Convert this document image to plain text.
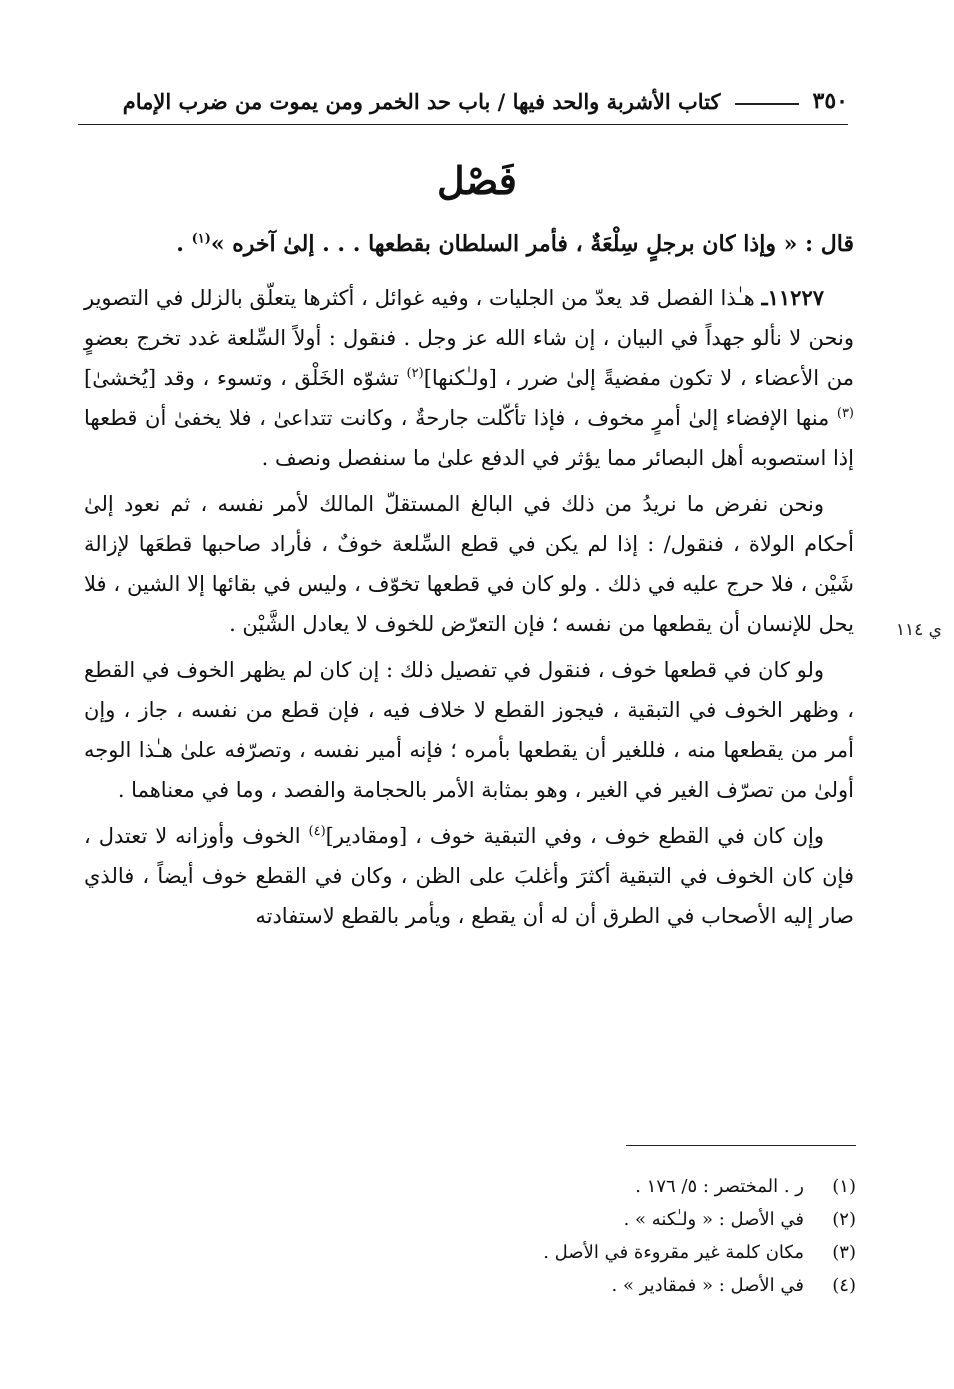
٣٥٠
كتاب الأشربة والحد فيها / باب حد الخمر ومن يموت من ضرب الإمام
فَصْل

قال : « وإذا كان برجلٍ سِلْعَةٌ ، فأمر السلطان بقطعها . . . إلىٰ آخره »$^{(١)}$ .

١١٢٢٧ـ هـٰذا الفصل قد يعدّ من الجليات ، وفيه غوائل ، أكثرها يتعلّق بالزلل في التصوير ونحن لا نألو جهداً في البيان ، إن شاء الله عز وجل . فنقول : أولاً السِّلعة غدد تخرج بعضوٍ من الأعضاء ، لا تكون مفضيةً إلىٰ ضرر ، [ولـٰكنها]$^{(٢)}$ تشوّه الخَلْق ، وتسوء ، وقد [يُخشىٰ]$^{(٣)}$ منها الإفضاء إلىٰ أمرٍ مخوف ، فإذا تأكّلت جارحةٌ ، وكانت تتداعىٰ ، فلا يخفىٰ أن قطعها إذا استصوبه أهل البصائر مما يؤثر في الدفع علىٰ ما سنفصل ونصف .

ونحن نفرض ما نريدُ من ذلك في البالغ المستقلّ المالك لأمر نفسه ، ثم نعود إلىٰ أحكام الولاة ، فنقول/ : إذا لم يكن في قطع السِّلعة خوفٌ ، فأراد صاحبها قطعَها لإزالة شَيْن ، فلا حرج عليه في ذلك . ولو كان في قطعها تخوّف ، وليس في بقائها إلا الشين ، فلا يحل للإنسان أن يقطعها من نفسه ؛ فإن التعرّض للخوف لا يعادل الشَّيْن .

ولو كان في قطعها خوف ، فنقول في تفصيل ذلك : إن كان لم يظهر الخوف في القطع ، وظهر الخوف في التبقية ، فيجوز القطع لا خلاف فيه ، فإن قطع من نفسه ، جاز ، وإن أمر من يقطعها منه ، فللغير أن يقطعها بأمره ؛ فإنه أمير نفسه ، وتصرّفه علىٰ هـٰذا الوجه أولىٰ من تصرّف الغير في الغير ، وهو بمثابة الأمر بالحجامة والفصد ، وما في معناهما .

وإن كان في القطع خوف ، وفي التبقية خوف ، [ومقادير]$^{(٤)}$ الخوف وأوزانه لا تعتدل ، فإن كان الخوف في التبقية أكثرَ وأغلبَ على الظن ، وكان في القطع خوف أيضاً ، فالذي صار إليه الأصحاب في الطرق أن له أن يقطع ، ويأمر بالقطع لاستفادته

ي ١١٤
(١)
ر . المختصر : ٥/ ١٧٦ .
(٢)
في الأصل : « ولـٰكنه » .
(٣)
مكان كلمة غير مقروءة في الأصل .
(٤)
في الأصل : « فمقادير » .
